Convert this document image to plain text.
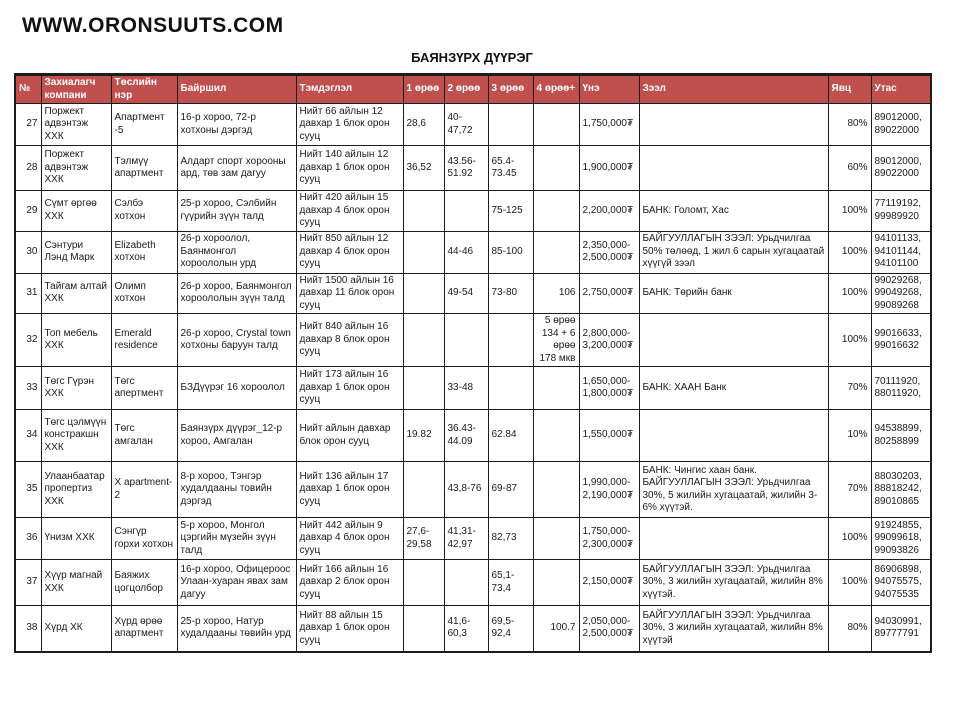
WWW.ORONSUUTS.COM
БАЯНЗҮРХ ДҮҮРЭГ
№	Захиалагч компани	Төслийн нэр	Байршил	Тэмдэглэл	1 өрөө	2 өрөө	3 өрөө	4 өрөө+	Үнэ	Зээл	Явц	Утас
27	Поржект адвэнтэж ХХК	Апартмент -5	16-р хороо, 72-р хотхоны дэргэд	Нийт 66 айлын 12 давхар 1 блок орон сууц	28,6	40-47,72			1,750,000₮		80%	89012000, 89022000
28	Поржект адвэнтэж ХХК	Тэлмүү апартмент	Алдарт спорт хорооны ард, төв зам дагуу	Нийт 140 айлын 12 давхар 1 блок орон сууц	36,52	43.56-51.92	65.4-73.45		1,900,000₮		60%	89012000, 89022000
29	Сүмт өргөө ХХК	Сэлбэ хотхон	25-р хороо, Сэлбийн гүүрийн зүүн талд	Нийт 420 айлын 15 давхар 4 блок орон сууц			75-125		2,200,000₮	БАНК: Голомт, Хас	100%	77119192, 99989920
30	Сэнтури Лэнд Марк	Elizabeth хотхон	26-р хороолол, Баянмонгол хороололын урд	Нийт 850 айлын 12 давхар 4 блок орон сууц		44-46	85-100		2,350,000-2,500,000₮	БАЙГУУЛЛАГЫН ЗЭЭЛ: Урьдчилгаа 50% төлөөд, 1 жил 6 сарын хугацаатай хүүгүй зээл	100%	94101133, 94101144, 94101100
31	Тайгам алтай ХХК	Олимп хотхон	26-р хороо, Баянмонгол хороололын зүүн талд	Нийт 1500 айлын 16 давхар 11 блок орон сууц		49-54	73-80	106	2,750,000₮	БАНК: Төрийн банк	100%	99029268, 99049268, 99089268
32	Топ мебель ХХК	Emerald residence	26-р хороо, Crystal town хотхоны баруун талд	Нийт 840 айлын 16 давхар 8 блок орон сууц				5 өрөө 134 + 6 өрөө 178 мкв	2,800,000-3,200,000₮		100%	99016633, 99016632
33	Төгс Гүрэн ХХК	Төгс апертмент	БЗДүүрэг 16 хороолол	Нийт 173 айлын 16 давхар 1 блок орон сууц		33-48			1,650,000-1,800,000₮	БАНК: ХААН Банк	70%	70111920, 88011920,
34	Төгс цэлмүүн констракшн ХХК	Төгс амгалан	Баянзүрх дүүрэг_12-р хороо, Амгалан	Нийт айлын давхар блок орон сууц	19.82	36.43-44.09	62.84		1,550,000₮		10%	94538899, 80258899
35	Улаанбаатар пропертиз ХХК	X apartment-2	8-р хороо, Тэнгэр худалдааны товийн дэргэд	Нийт 136 айлын 17 давхар 1 блок орон сууц		43,8-76	69-87		1,990,000-2,190,000₮	БАНК: Чингис хаан банк. БАЙГУУЛЛАГЫН ЗЭЭЛ: Урьдчилгаа 30%, 5 жилийн хугацаатай, жилийн 3-6% хүүтэй.	70%	88030203, 88818242, 89010865
36	Үнизм ХХК	Сэнгүр горхи хотхон	5-р хороо, Монгол цэргийн мүзейн зүүн талд	Нийт 442 айлын 9 давхар 4 блок орон сууц	27,6-29,58	41,31-42,97	82,73		1,750,000-2,300,000₮		100%	91924855, 99099618, 99093826
37	Хүүр магнай ХХК	Баяжих цогцолбор	16-р хороо, Офицероос Улаан-хуаран явах зам дагуу	Нийт 166 айлын 16 давхар 2 блок орон сууц			65,1-73,4		2,150,000₮	БАЙГУУЛЛАГЫН ЗЭЭЛ: Урьдчилгаа 30%, 3 жилийн хугацаатай, жилийн 8% хүүтэй.	100%	86906898, 94075575, 94075535
38	Хүрд ХК	Хүрд өрөө апартмент	25-р хороо, Натур худалдааны төвийн урд	Нийт 88 айлын 15 давхар 1 блок орон сууц		41,6-60,3	69,5-92,4	100.7	2,050,000-2,500,000₮	БАЙГУУЛЛАГЫН ЗЭЭЛ: Урьдчилгаа 30%, 3 жилийн хугацаатай, жилийн 8% хүүтэй	80%	94030991, 89777791
